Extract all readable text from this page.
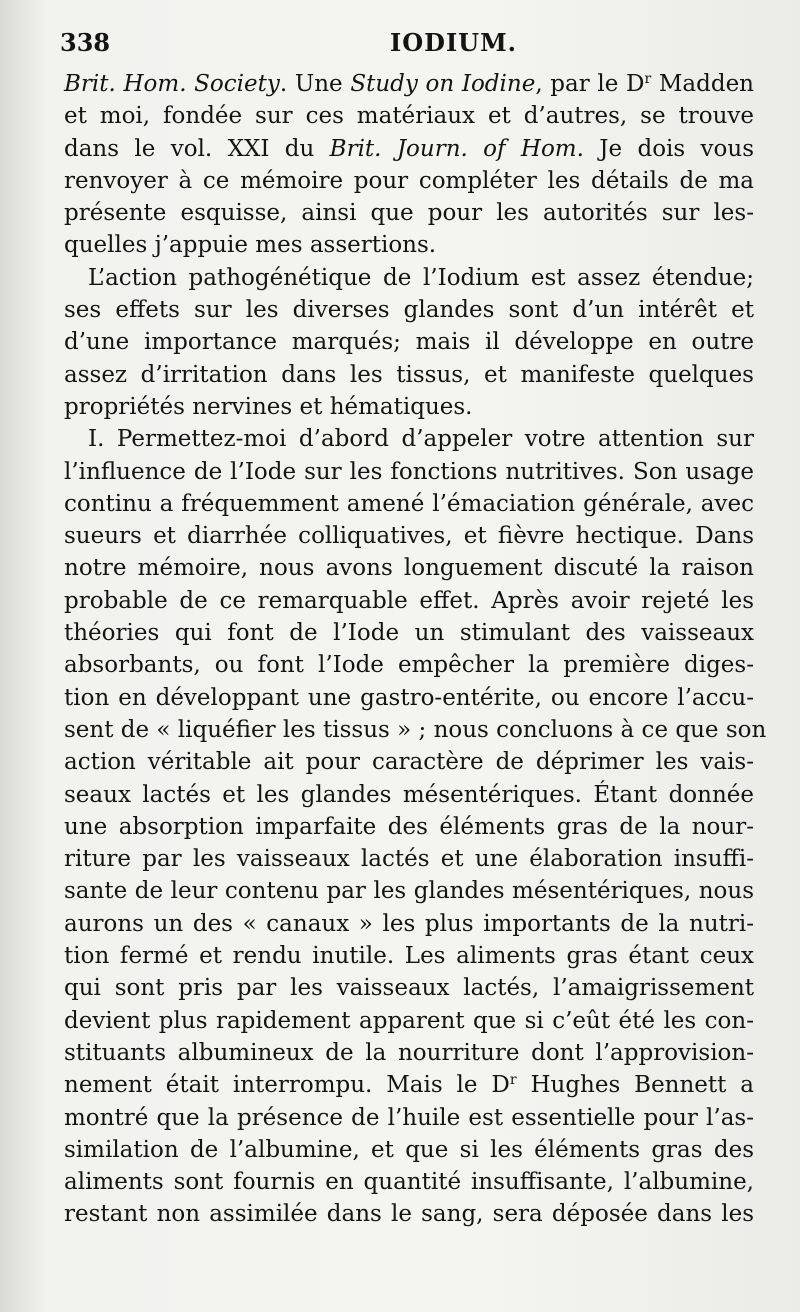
338	IODIUM.
Brit. Hom. Society. Une Study on Iodine, par le $D^r$ Madden
et moi, fondée sur ces matériaux et d’autres, se trouve
dans le vol. XXI du Brit. Journ. of Hom. Je dois vous
renvoyer à ce mémoire pour compléter les détails de ma
présente esquisse, ainsi que pour les autorités sur les-
quelles j’appuie mes assertions.
L’action pathogénétique de l’Iodium est assez étendue;
ses effets sur les diverses glandes sont d’un intérêt et
d’une importance marqués; mais il développe en outre
assez d’irritation dans les tissus, et manifeste quelques
propriétés nervines et hématiques.
I. Permettez-moi d’abord d’appeler votre attention sur
l’influence de l’Iode sur les fonctions nutritives. Son usage
continu a fréquemment amené l’émaciation générale, avec
sueurs et diarrhée colliquatives, et fièvre hectique. Dans
notre mémoire, nous avons longuement discuté la raison
probable de ce remarquable effet. Après avoir rejeté les
théories qui font de l’Iode un stimulant des vaisseaux
absorbants, ou font l’Iode empêcher la première diges-
tion en développant une gastro-entérite, ou encore l’accu-
sent de « liquéfier les tissus » ; nous concluons à ce que son
action véritable ait pour caractère de déprimer les vais-
seaux lactés et les glandes mésentériques. Étant donnée
une absorption imparfaite des éléments gras de la nour-
riture par les vaisseaux lactés et une élaboration insuffi-
sante de leur contenu par les glandes mésentériques, nous
aurons un des « canaux » les plus importants de la nutri-
tion fermé et rendu inutile. Les aliments gras étant ceux
qui sont pris par les vaisseaux lactés, l’amaigrissement
devient plus rapidement apparent que si c’eût été les con-
stituants albumineux de la nourriture dont l’approvision-
nement était interrompu. Mais le $D^r$ Hughes Bennett a
montré que la présence de l’huile est essentielle pour l’as-
similation de l’albumine, et que si les éléments gras des
aliments sont fournis en quantité insuffisante, l’albumine,
restant non assimilée dans le sang, sera déposée dans les
